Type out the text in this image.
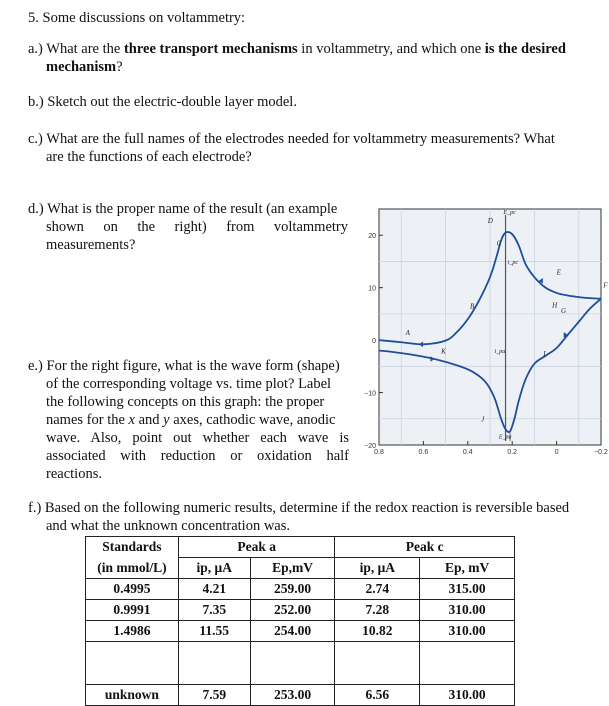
5. Some discussions on voltammetry:
a.) What are the three transport mechanisms in voltammetry, and which one is the desired
mechanism?
b.) Sketch out the electric-double layer model.
c.) What are the full names of the electrodes needed for voltammetry measurements? What
are the functions of each electrode?
d.) What is the proper name of the result (an example
shown on the right) from voltammetry
measurements?
e.) For the right figure, what is the wave form (shape)
of the corresponding voltage vs. time plot? Label
the following concepts on this graph: the proper
names for the x and y axes, cathodic wave, anodic
wave. Also, point out whether each wave is
associated with reduction or oxidation half
reactions.
0.8	0.6	0.4	0.2	0	−0.2
−20
−10
0
10
20
A
B
C
D
E
F
G
H
I
J
K
E_pc
E_pa
i_pc
i_pa
f.) Based on the following numeric results, determine if the redox reaction is reversible based
and what the unknown concentration was.
Standards	Peak a		Peak c	
(in mmol/L)	ip, μA	Ep,mV	ip, μA	Ep, mV
0.4995	4.21	259.00	2.74	315.00
0.9991	7.35	252.00	7.28	310.00
1.4986	11.55	254.00	10.82	310.00

unknown	7.59	253.00	6.56	310.00
